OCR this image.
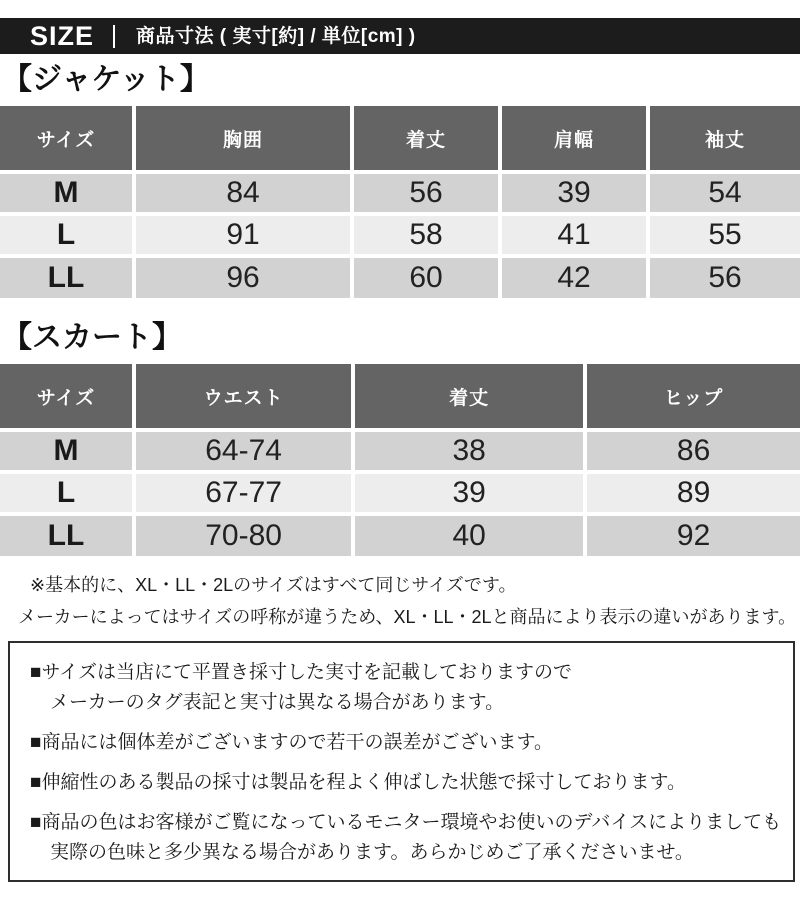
SIZE 商品寸法 ( 実寸[約] / 単位[cm] )
【ジャケット】
サイズ	胸囲	着丈	肩幅	袖丈
M	84	56	39	54
L	91	58	41	55
LL	96	60	42	56
【スカート】
サイズ	ウエスト	着丈	ヒップ
M	64-74	38	86
L	67-77	39	89
LL	70-80	40	92
※基本的に、XL・LL・2Lのサイズはすべて同じサイズです。
メーカーによってはサイズの呼称が違うため、XL・LL・2Lと商品により表示の違いがあります。
■サイズは当店にて平置き採寸した実寸を記載しておりますので
メーカーのタグ表記と実寸は異なる場合があります。
■商品には個体差がございますので若干の誤差がございます。
■伸縮性のある製品の採寸は製品を程よく伸ばした状態で採寸しております。
■商品の色はお客様がご覧になっているモニター環境やお使いのデバイスによりましても
実際の色味と多少異なる場合があります。あらかじめご了承くださいませ。
